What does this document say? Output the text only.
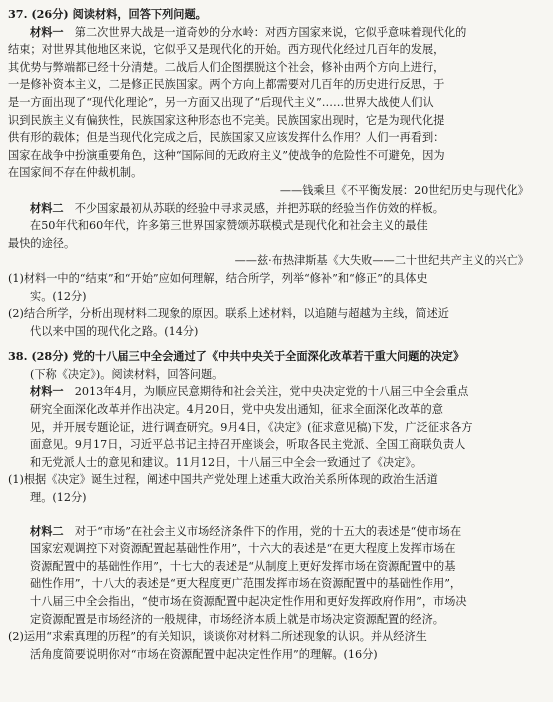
37. (26分) 阅读材料，回答下列问题。
材料一　 第二次世界大战是一道奇妙的分水岭：对西方国家来说，它似乎意味着现代化的
结束；对世界其他地区来说，它似乎又是现代化的开始。西方现代化经过几百年的发展，
其优势与弊端都已经十分清楚。二战后人们企图摆脱这个社会，修补由两个方向上进行，
一是修补资本主义，二是修正民族国家。两个方向上都需要对几百年的历史进行反思，于
是一方面出现了“现代化理论”，另一方面又出现了“后现代主义”……世界大战使人们认
识到民族主义有偏狭性，民族国家这种形态也不完美。民族国家出现时，它是为现代化提
供有形的载体；但是当现代化完成之后，民族国家又应该发挥什么作用？人们一再看到：
国家在战争中扮演重要角色，这种“国际间的无政府主义”使战争的危险性不可避免，因为
在国家间不存在仲裁机制。
——钱乘旦《不平衡发展：20世纪历史与现代化》
材料二　 不少国家最初从苏联的经验中寻求灵感，并把苏联的经验当作仿效的样板。
在50年代和60年代，许多第三世界国家赞颂苏联模式是现代化和社会主义的最佳
最快的途径。
——兹·布热津斯基《大失败——二十世纪共产主义的兴亡》
(1)材料一中的“结束”和“开始”应如何理解，结合所学，列举“修补”和“修正”的具体史
实。(12分)
(2)结合所学，分析出现材料二现象的原因。联系上述材料，以追随与超越为主线，简述近
代以来中国的现代化之路。(14分)
38. (28分) 党的十八届三中全会通过了《中共中央关于全面深化改革若干重大问题的决定》
(下称《决定》)。阅读材料，回答问题。
材料一　 2013年4月，为顺应民意期待和社会关注，党中央决定党的十八届三中全会重点
研究全面深化改革并作出决定。4月20日，党中央发出通知，征求全面深化改革的意
见，并开展专题论证，进行调查研究。9月4日，《决定》(征求意见稿)下发，广泛征求各方
面意见。9月17日，习近平总书记主持召开座谈会，听取各民主党派、全国工商联负责人
和无党派人士的意见和建议。11月12日，十八届三中全会一致通过了《决定》。
(1)根据《决定》诞生过程，阐述中国共产党处理上述重大政治关系所体现的政治生活道
理。(12分)
材料二　 对于“市场”在社会主义市场经济条件下的作用，党的十五大的表述是“使市场在
国家宏观调控下对资源配置起基础性作用”，十六大的表述是“在更大程度上发挥市场在
资源配置中的基础性作用”，十七大的表述是“从制度上更好发挥市场在资源配置中的基
础性作用”，十八大的表述是“更大程度更广范围发挥市场在资源配置中的基础性作用”，
十八届三中全会指出，“使市场在资源配置中起决定性作用和更好发挥政府作用”，市场决
定资源配置是市场经济的一般规律，市场经济本质上就是市场决定资源配置的经济。
(2)运用“求索真理的历程”的有关知识，谈谈你对材料二所述现象的认识。并从经济生
活角度简要说明你对“市场在资源配置中起决定性作用”的理解。(16分)
